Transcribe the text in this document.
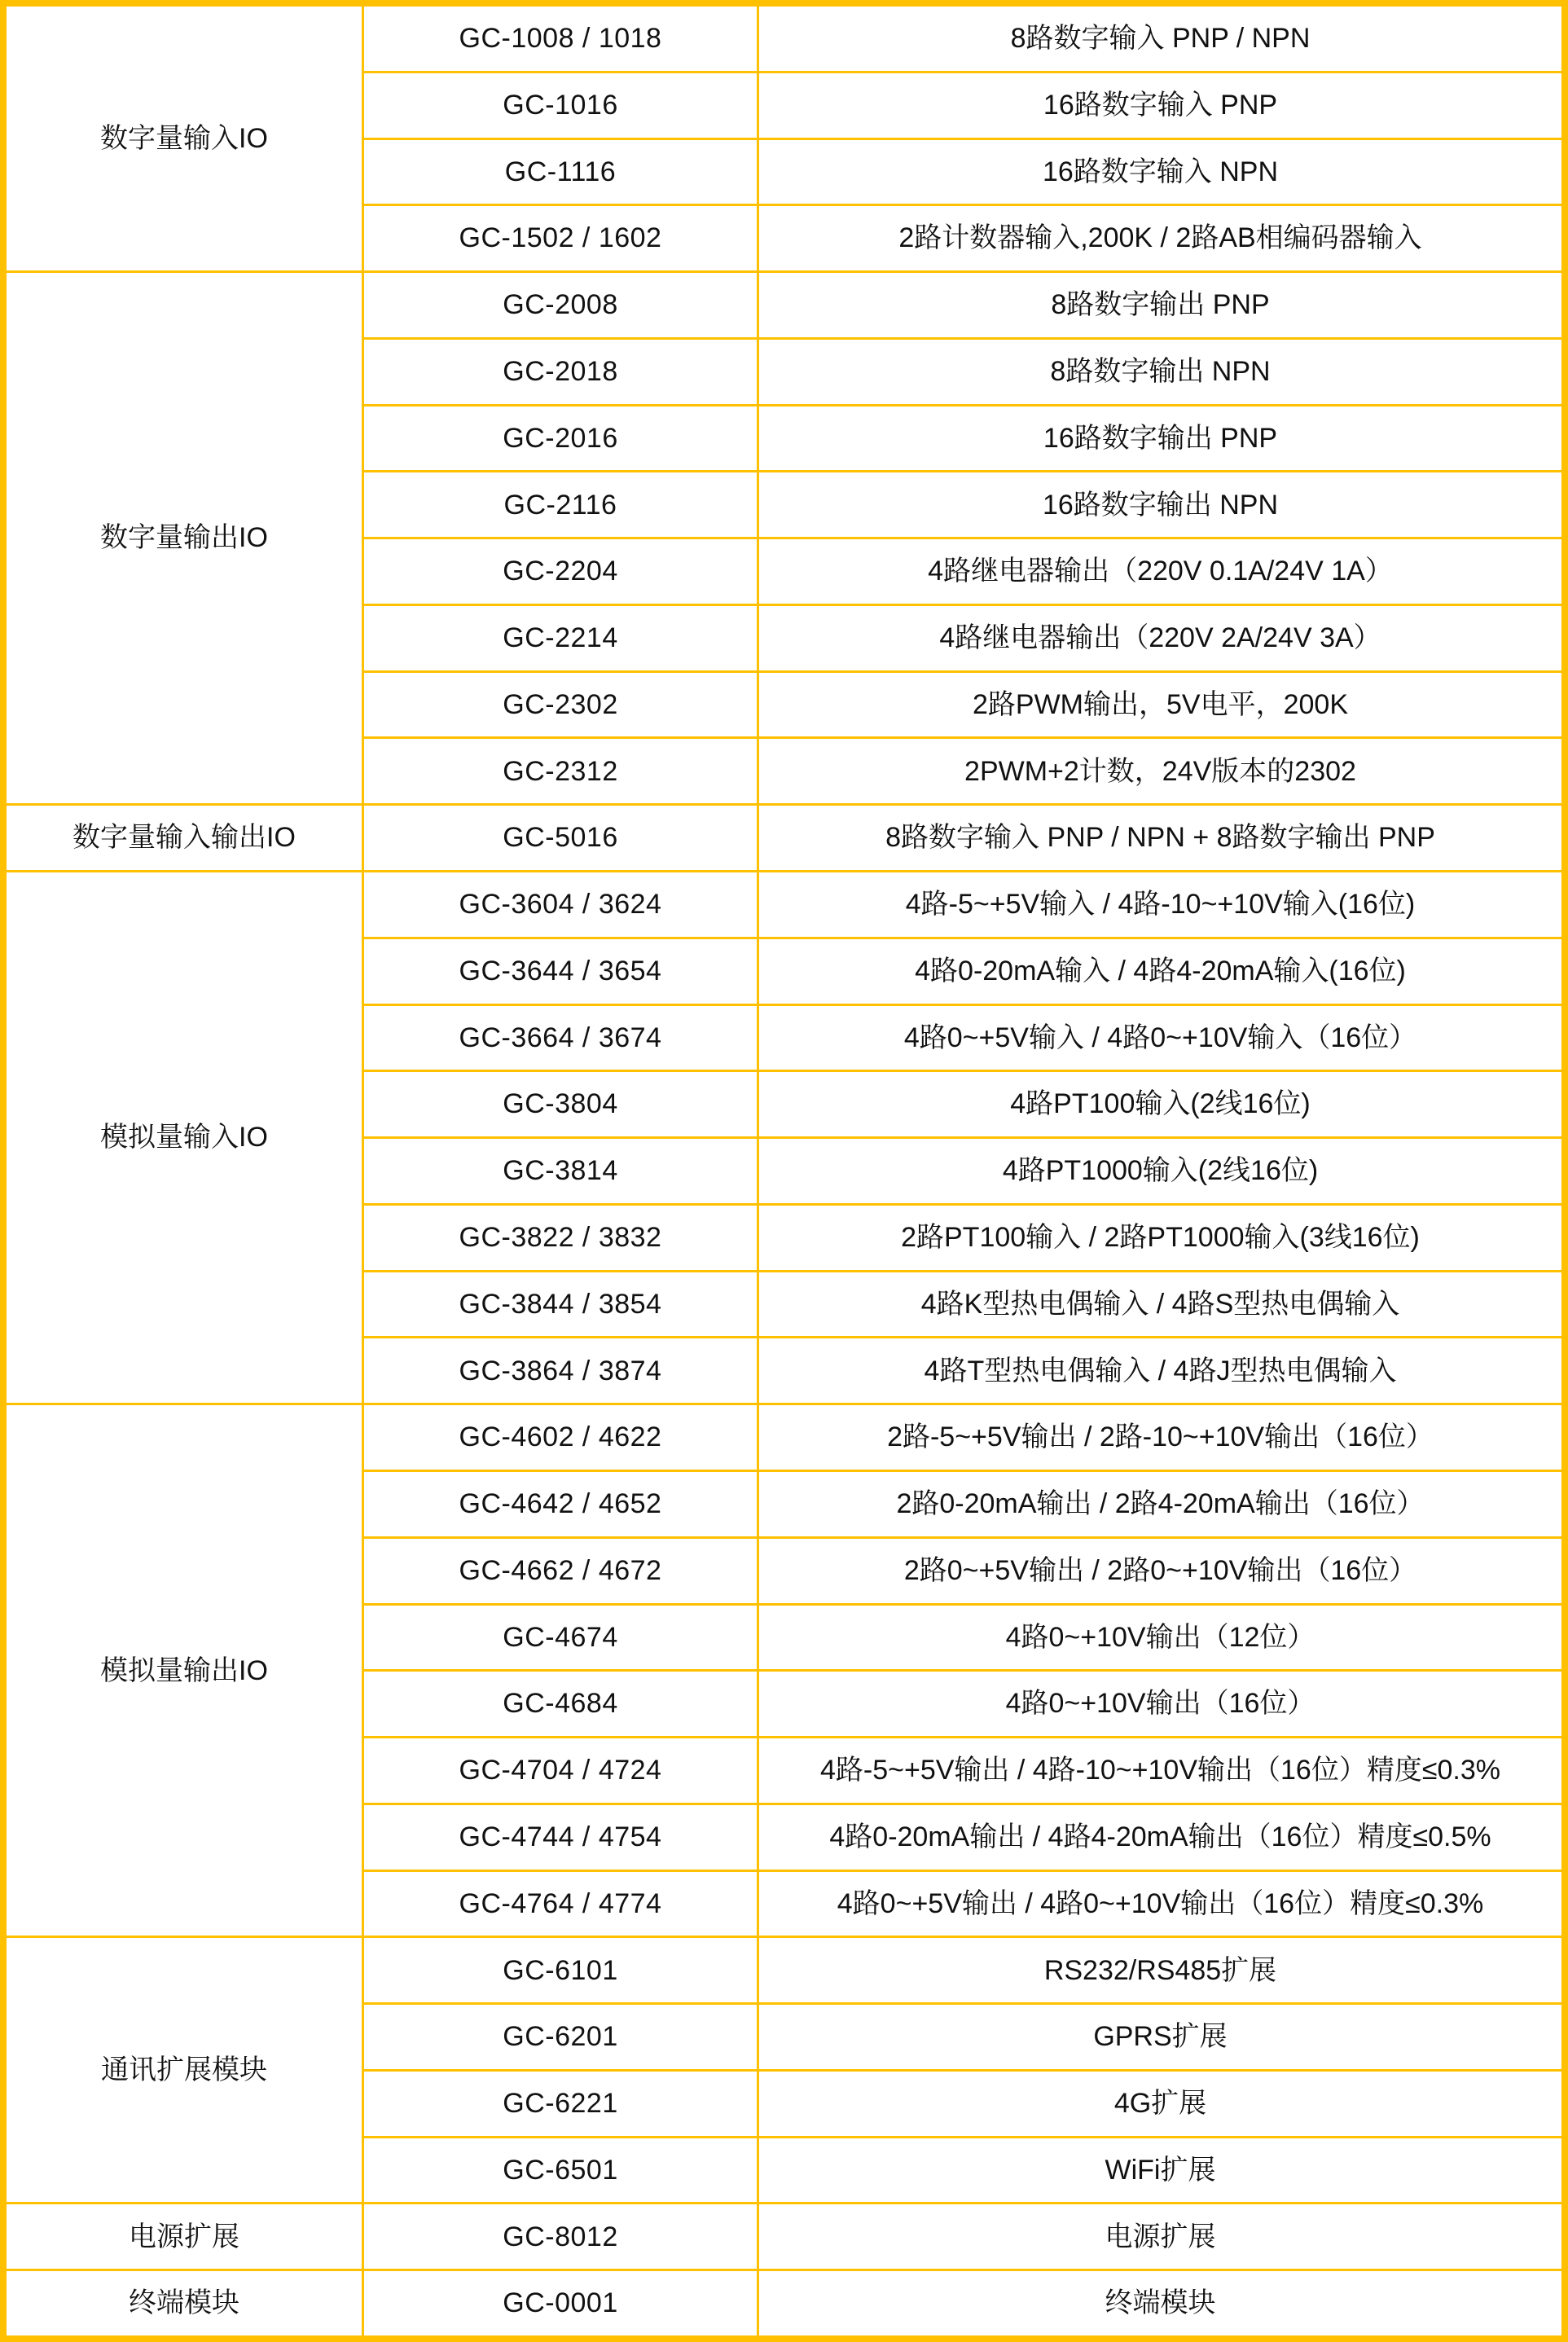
数字量输入IO
GC-1008 / 1018	8路数字输入 PNP / NPN
GC-1016	16路数字输入 PNP
GC-1116	16路数字输入 NPN
GC-1502 / 1602	2路计数器输入,200K / 2路AB相编码器输入
数字量输出IO
GC-2008	8路数字输出 PNP
GC-2018	8路数字输出 NPN
GC-2016	16路数字输出 PNP
GC-2116	16路数字输出 NPN
GC-2204	4路继电器输出（220V 0.1A/24V 1A）
GC-2214	4路继电器输出（220V 2A/24V 3A）
GC-2302	2路PWM输出，5V电平，200K
GC-2312	2PWM+2计数，24V版本的2302
数字量输入输出IO	GC-5016	8路数字输入 PNP / NPN + 8路数字输出 PNP
模拟量输入IO
GC-3604 / 3624	4路-5~+5V输入 / 4路-10~+10V输入(16位)
GC-3644 / 3654	4路0-20mA输入 / 4路4-20mA输入(16位)
GC-3664 / 3674	4路0~+5V输入 / 4路0~+10V输入（16位）
GC-3804	4路PT100输入(2线16位)
GC-3814	4路PT1000输入(2线16位)
GC-3822 / 3832	2路PT100输入 / 2路PT1000输入(3线16位)
GC-3844 / 3854	4路K型热电偶输入 / 4路S型热电偶输入
GC-3864 / 3874	4路T型热电偶输入 / 4路J型热电偶输入
模拟量输出IO
GC-4602 / 4622	2路-5~+5V输出 / 2路-10~+10V输出（16位）
GC-4642 / 4652	2路0-20mA输出 / 2路4-20mA输出（16位）
GC-4662 / 4672	2路0~+5V输出 / 2路0~+10V输出（16位）
GC-4674	4路0~+10V输出（12位）
GC-4684	4路0~+10V输出（16位）
GC-4704 / 4724	4路-5~+5V输出 / 4路-10~+10V输出（16位）精度≤0.3%
GC-4744 / 4754	4路0-20mA输出 / 4路4-20mA输出（16位）精度≤0.5%
GC-4764 / 4774	4路0~+5V输出 / 4路0~+10V输出（16位）精度≤0.3%
通讯扩展模块
GC-6101	RS232/RS485扩展
GC-6201	GPRS扩展
GC-6221	4G扩展
GC-6501	WiFi扩展
电源扩展	GC-8012	电源扩展
终端模块	GC-0001	终端模块
